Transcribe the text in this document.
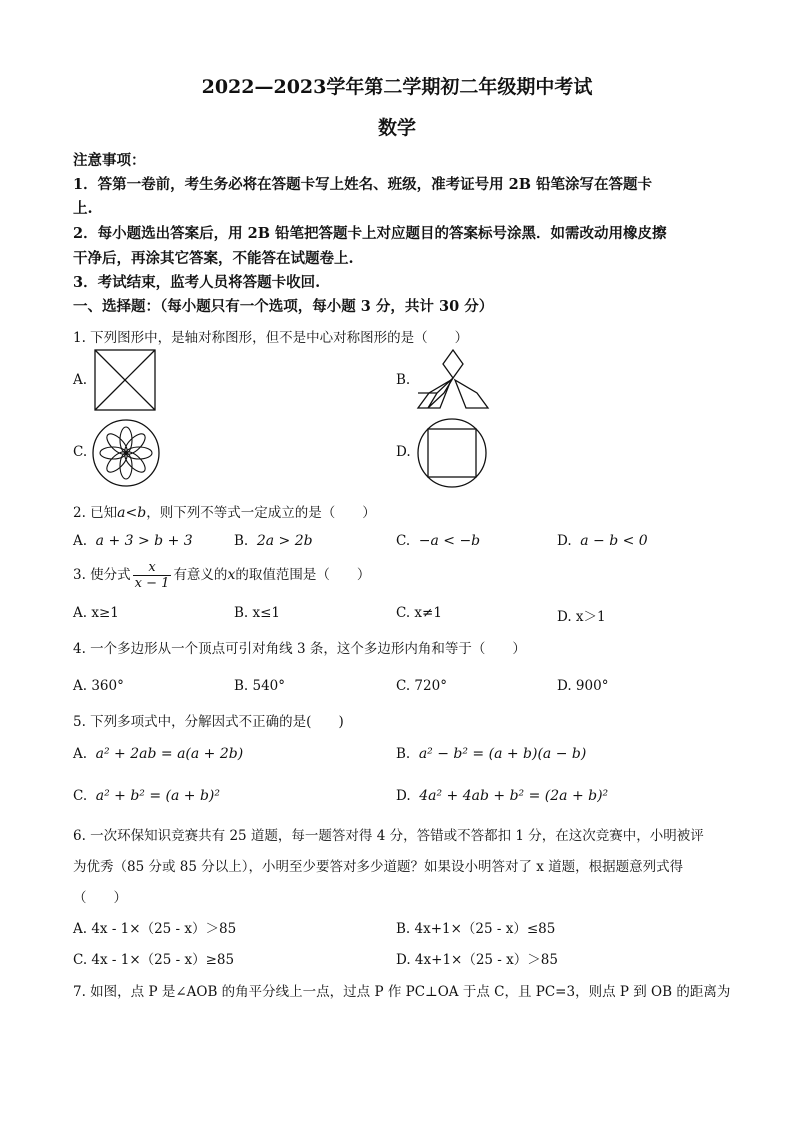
2022—2023学年第二学期初二年级期中考试
数学
注意事项：
1．答第一卷前，考生务必将在答题卡写上姓名、班级，准考证号用 2B 铅笔涂写在答题卡
上.
2．每小题选出答案后，用 2B 铅笔把答题卡上对应题目的答案标号涂黑．如需改动用橡皮擦
干净后，再涂其它答案，不能答在试题卷上.
3．考试结束，监考人员将答题卡收回.
一、选择题：（每小题只有一个选项，每小题 3 分，共计 30 分）
1. 下列图形中，是轴对称图形，但不是中心对称图形的是（　　）
A.	B.
C.	D.
2. 已知a<b，则下列不等式一定成立的是（　　）
A. a + 3 > b + 3	B. 2a > 2b	C. −a < −b	D. a − b < 0
3. 使分式 $\frac{x}{x - 1}$ 有意义的x的取值范围是（　　）
A. x≥1	B. x≤1	C. x≠1	D. x＞1
4. 一个多边形从一个顶点可引对角线 3 条，这个多边形内角和等于（　　）
A. 360°	B. 540°	C. 720°	D. 900°
5. 下列多项式中，分解因式不正确的是(　　)
A. a² + 2ab = a(a + 2b)	B. a² − b² = (a + b)(a − b)
C. a² + b² = (a + b)²	D. 4a² + 4ab + b² = (2a + b)²
6. 一次环保知识竞赛共有 25 道题，每一题答对得 4 分，答错或不答都扣 1 分，在这次竞赛中，小明被评
为优秀（85 分或 85 分以上），小明至少要答对多少道题？如果设小明答对了 x 道题，根据题意列式得
（　　）
A. 4x - 1×（25 - x）＞85	B. 4x+1×（25 - x）≤85
C. 4x - 1×（25 - x）≥85	D. 4x+1×（25 - x）＞85
7. 如图，点 P 是∠AOB 的角平分线上一点，过点 P 作 PC⊥OA 于点 C，且 PC=3，则点 P 到 OB 的距离为
